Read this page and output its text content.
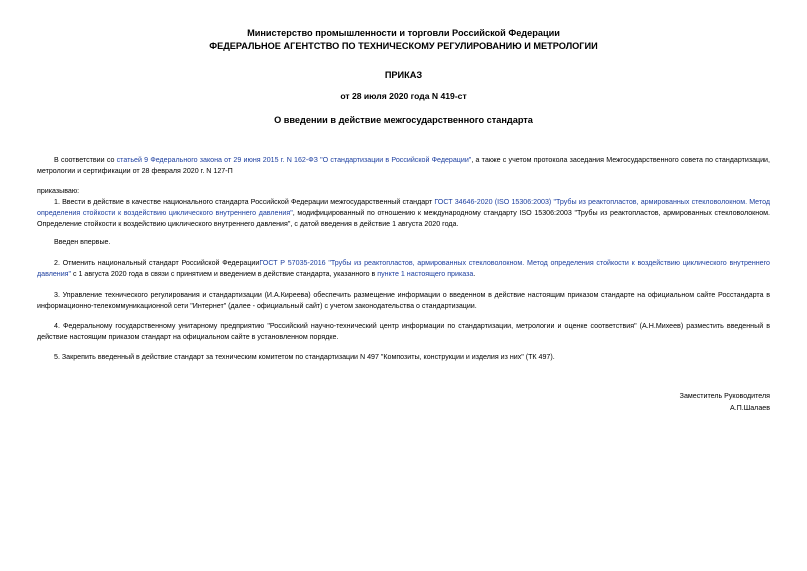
Министерство промышленности и торговли Российской Федерации
ФЕДЕРАЛЬНОЕ АГЕНТСТВО ПО ТЕХНИЧЕСКОМУ РЕГУЛИРОВАНИЮ И МЕТРОЛОГИИ
ПРИКАЗ
от 28 июля 2020 года N 419-ст
О введении в действие межгосударственного стандарта
В соответствии со статьей 9 Федерального закона от 29 июня 2015 г. N 162-ФЗ "О стандартизации в Российской Федерации", а также с учетом протокола заседания Межгосударственного совета по стандартизации, метрологии и сертификации от 28 февраля 2020 г. N 127-П
приказываю:
1. Ввести в действие в качестве национального стандарта Российской Федерации межгосударственный стандарт ГОСТ 34646-2020 (ISO 15306:2003) "Трубы из реактопластов, армированных стекловолокном. Метод определения стойкости к воздействию циклического внутреннего давления", модифицированный по отношению к международному стандарту ISO 15306:2003 "Трубы из реактопластов, армированных стекловолокном. Определение стойкости к воздействию циклического внутреннего давления", с датой введения в действие 1 августа 2020 года.
Введен впервые.
2. Отменить национальный стандарт Российской ФедерацииГОСТ Р 57035-2016 "Трубы из реактопластов, армированных стекловолокном. Метод определения стойкости к воздействию циклического внутреннего давления" с 1 августа 2020 года в связи с принятием и введением в действие стандарта, указанного в пункте 1 настоящего приказа.
3. Управление технического регулирования и стандартизации (И.А.Киреева) обеспечить размещение информации о введенном в действие настоящим приказом стандарте на официальном сайте Росстандарта в информационно-телекоммуникационной сети "Интернет" (далее - официальный сайт) с учетом законодательства о стандартизации.
4. Федеральному государственному унитарному предприятию "Российский научно-технический центр информации по стандартизации, метрологии и оценке соответствия" (А.Н.Михеев) разместить введенный в действие настоящим приказом стандарт на официальном сайте в установленном порядке.
5. Закрепить введенный в действие стандарт за техническим комитетом по стандартизации N 497 "Композиты, конструкции и изделия из них" (ТК 497).
Заместитель Руководителя
А.П.Шалаев
